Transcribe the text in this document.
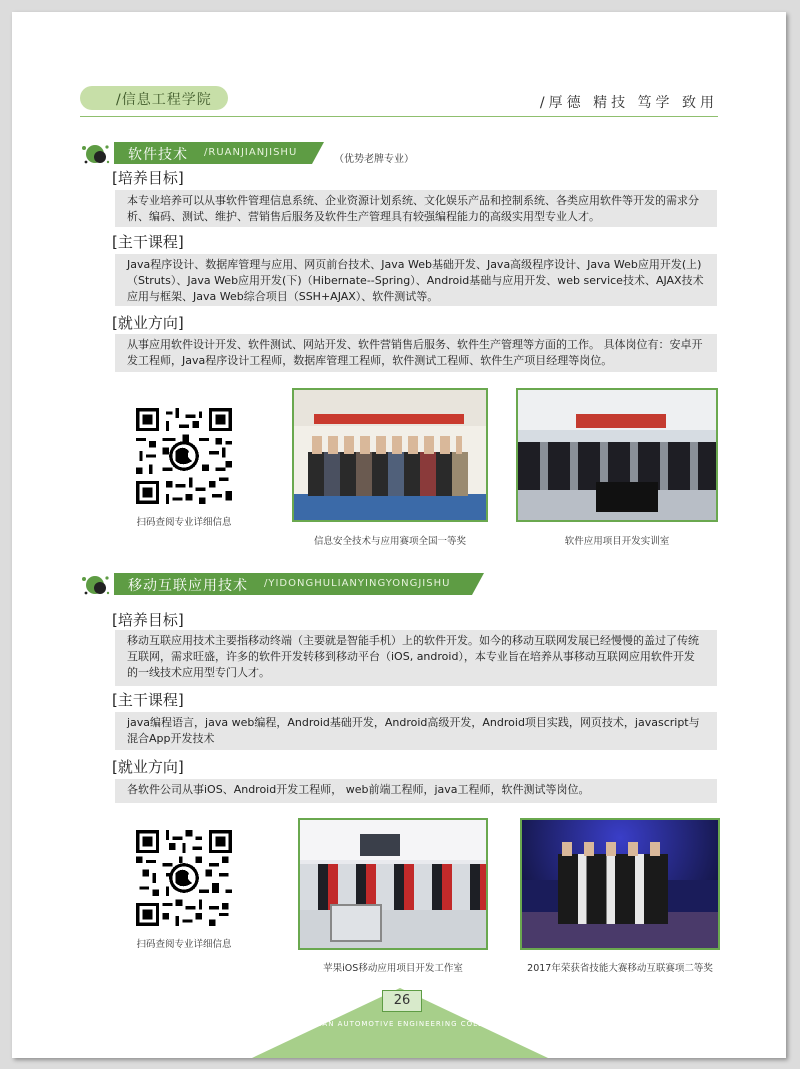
/信息工程学院	/厚德 精技 笃学 致用
软件技术 /RUANJIANJISHU
（优势老牌专业）
[培养目标]
本专业培养可以从事软件管理信息系统、企业资源计划系统、文化娱乐产品和控制系统、各类应用软件等开发的需求分析、编码、测试、维护、营销售后服务及软件生产管理具有较强编程能力的高级实用型专业人才。
[主干课程]
Java程序设计、数据库管理与应用、网页前台技术、Java Web基础开发、Java高级程序设计、Java Web应用开发(上)（Struts）、Java Web应用开发(下)（Hibernate--Spring）、Android基础与应用开发、web service技术、AJAX技术应用与框架、Java Web综合项目（SSH+AJAX）、软件测试等。
[就业方向]
从事应用软件设计开发、软件测试、网站开发、软件营销售后服务、软件生产管理等方面的工作。 具体岗位有：安卓开发工程师，Java程序设计工程师，数据库管理工程师，软件测试工程师、软件生产项目经理等岗位。
扫码查阅专业详细信息
信息安全技术与应用赛项全国一等奖	软件应用项目开发实训室
移动互联应用技术 /YIDONGHULIANYINGYONGJISHU
[培养目标]
移动互联应用技术主要指移动终端（主要就是智能手机）上的软件开发。如今的移动互联网发展已经慢慢的盖过了传统互联网，需求旺盛，许多的软件开发转移到移动平台（iOS, android），本专业旨在培养从事移动互联网应用软件开发的一线技术应用型专门人才。
[主干课程]
java编程语言，java web编程，Android基础开发，Android高级开发，Android项目实践，网页技术，javascript与混合App开发技术
[就业方向]
各软件公司从事iOS、Android开发工程师， web前端工程师，java工程师，软件测试等岗位。
扫码查阅专业详细信息
苹果iOS移动应用项目开发工作室	2017年荣获省技能大赛移动互联赛项二等奖
26
HUNAN AUTOMOTIVE ENGINEERING COLLEGE
